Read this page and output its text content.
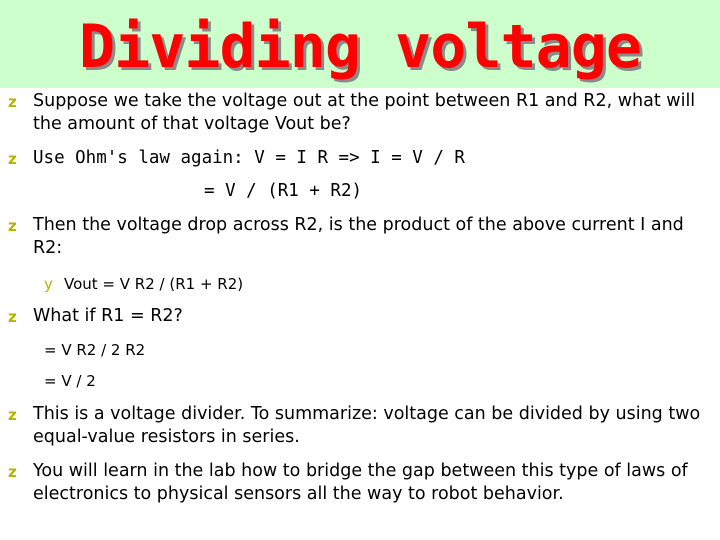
Dividing voltage
z Suppose we take the voltage out at the point between R1 and R2, what will the amount of that voltage Vout be?
z Use Ohm's law again: V = I R => I = V / R
= V / (R1 + R2)
z Then the voltage drop across R2, is the product of the above current I and R2:
y Vout = V R2 / (R1 + R2)
z What if R1 = R2?
= V R2 / 2 R2
= V / 2
z This is a voltage divider. To summarize: voltage can be divided by using two equal-value resistors in series.
z You will learn in the lab how to bridge the gap between this type of laws of electronics to physical sensors all the way to robot behavior.
